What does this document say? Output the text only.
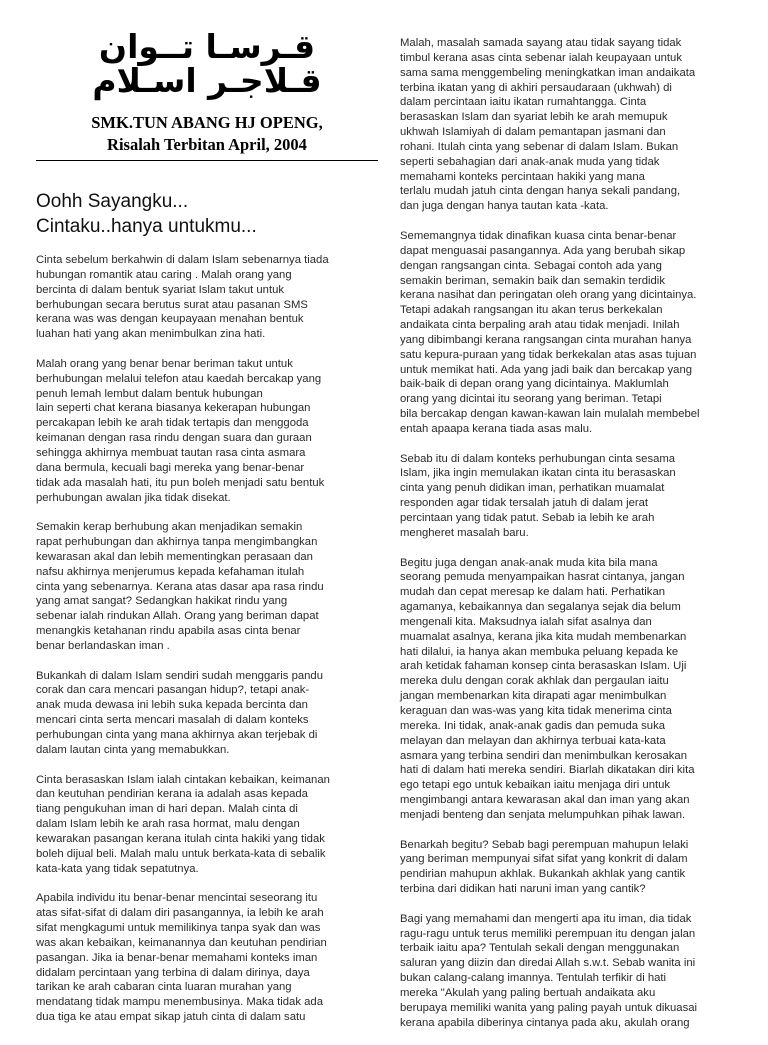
قـرسـا تــوان
قـلاجـر اسـلام
SMK.TUN ABANG HJ OPENG,
Risalah Terbitan April, 2004
Oohh Sayangku...
Cintaku..hanya untukmu...

Cinta sebelum berkahwin di dalam Islam sebenarnya tiada
hubungan romantik atau caring . Malah orang yang
bercinta di dalam bentuk syariat Islam takut untuk
berhubungan secara berutus surat atau pasanan SMS
kerana was was dengan keupayaan menahan bentuk
luahan hati yang akan menimbulkan zina hati.

Malah orang yang benar benar beriman takut untuk
berhubungan melalui telefon atau kaedah bercakap yang
penuh lemah lembut dalam bentuk hubungan
lain seperti chat kerana biasanya kekerapan hubungan
percakapan lebih ke arah tidak tertapis dan menggoda
keimanan dengan rasa rindu dengan suara dan guraan
sehingga akhirnya membuat tautan rasa cinta asmara
dana bermula, kecuali bagi mereka yang benar-benar
tidak ada masalah hati, itu pun boleh menjadi satu bentuk
perhubungan awalan jika tidak disekat.

Semakin kerap berhubung akan menjadikan semakin
rapat perhubungan dan akhirnya tanpa mengimbangkan
kewarasan akal dan lebih mementingkan perasaan dan
nafsu akhirnya menjerumus kepada kefahaman itulah
cinta yang sebenarnya. Kerana atas dasar apa rasa rindu
yang amat sangat? Sedangkan hakikat rindu yang
sebenar ialah rindukan Allah. Orang yang beriman dapat
menangkis ketahanan rindu apabila asas cinta benar
benar berlandaskan iman .

Bukankah di dalam Islam sendiri sudah menggaris pandu
corak dan cara mencari pasangan hidup?, tetapi anak-
anak muda dewasa ini lebih suka kepada bercinta dan
mencari cinta serta mencari masalah di dalam konteks
perhubungan cinta yang mana akhirnya akan terjebak di
dalam lautan cinta yang memabukkan.

Cinta berasaskan Islam ialah cintakan kebaikan, keimanan
dan keutuhan pendirian kerana ia adalah asas kepada
tiang pengukuhan iman di hari depan. Malah cinta di
dalam Islam lebih ke arah rasa hormat, malu dengan
kewarakan pasangan kerana itulah cinta hakiki yang tidak
boleh dijual beli. Malah malu untuk berkata-kata di sebalik
kata-kata yang tidak sepatutnya.

Apabila individu itu benar-benar mencintai seseorang itu
atas sifat-sifat di dalam diri pasangannya, ia lebih ke arah
sifat mengkagumi untuk memilikinya tanpa syak dan was
was akan kebaikan, keimanannya dan keutuhan pendirian
pasangan. Jika ia benar-benar memahami konteks iman
didalam percintaan yang terbina di dalam dirinya, daya
tarikan ke arah cabaran cinta luaran murahan yang
mendatang tidak mampu menembusinya. Maka tidak ada
dua tiga ke atau empat sikap jatuh cinta di dalam satu

Malah, masalah samada sayang atau tidak sayang tidak
timbul kerana asas cinta sebenar ialah keupayaan untuk
sama sama menggembeling meningkatkan iman andaikata
terbina ikatan yang di akhiri persaudaraan (ukhwah) di
dalam percintaan iaitu ikatan rumahtangga. Cinta
berasaskan Islam dan syariat lebih ke arah memupuk
ukhwah Islamiyah di dalam pemantapan jasmani dan
rohani. Itulah cinta yang sebenar di dalam Islam. Bukan
seperti sebahagian dari anak-anak muda yang tidak
memahami konteks percintaan hakiki yang mana
terlalu mudah jatuh cinta dengan hanya sekali pandang,
dan juga dengan hanya tautan kata -kata.

Sememangnya tidak dinafikan kuasa cinta benar-benar
dapat menguasai pasangannya. Ada yang berubah sikap
dengan rangsangan cinta. Sebagai contoh ada yang
semakin beriman, semakin baik dan semakin terdidik
kerana nasihat dan peringatan oleh orang yang dicintainya.
Tetapi adakah rangsangan itu akan terus berkekalan
andaikata cinta berpaling arah atau tidak menjadi. Inilah
yang dibimbangi kerana rangsangan cinta murahan hanya
satu kepura-puraan yang tidak berkekalan atas asas tujuan
untuk memikat hati. Ada yang jadi baik dan bercakap yang
baik-baik di depan orang yang dicintainya. Maklumlah
orang yang dicintai itu seorang yang beriman. Tetapi
bila bercakap dengan kawan-kawan lain mulalah membebel
entah apaapa kerana tiada asas malu.

Sebab itu di dalam konteks perhubungan cinta sesama
Islam, jika ingin memulakan ikatan cinta itu berasaskan
cinta yang penuh didikan iman, perhatikan muamalat
responden agar tidak tersalah jatuh di dalam jerat
percintaan yang tidak patut. Sebab ia lebih ke arah
mengheret masalah baru.

Begitu juga dengan anak-anak muda kita bila mana
seorang pemuda menyampaikan hasrat cintanya, jangan
mudah dan cepat meresap ke dalam hati. Perhatikan
agamanya, kebaikannya dan segalanya sejak dia belum
mengenali kita. Maksudnya ialah sifat asalnya dan
muamalat asalnya, kerana jika kita mudah membenarkan
hati dilalui, ia hanya akan membuka peluang kepada ke
arah ketidak fahaman konsep cinta berasaskan Islam. Uji
mereka dulu dengan corak akhlak dan pergaulan iaitu
jangan membenarkan kita dirapati agar menimbulkan
keraguan dan was-was yang kita tidak menerima cinta
mereka. Ini tidak, anak-anak gadis dan pemuda suka
melayan dan melayan dan akhirnya terbuai kata-kata
asmara yang terbina sendiri dan menimbulkan kerosakan
hati di dalam hati mereka sendiri. Biarlah dikatakan diri kita
ego tetapi ego untuk kebaikan iaitu menjaga diri untuk
mengimbangi antara kewarasan akal dan iman yang akan
menjadi benteng dan senjata melumpuhkan pihak lawan.

Benarkah begitu? Sebab bagi perempuan mahupun lelaki
yang beriman mempunyai sifat sifat yang konkrit di dalam
pendirian mahupun akhlak. Bukankah akhlak yang cantik
terbina dari didikan hati naruni iman yang cantik?

Bagi yang memahami dan mengerti apa itu iman, dia tidak
ragu-ragu untuk terus memiliki perempuan itu dengan jalan
terbaik iaitu apa? Tentulah sekali dengan menggunakan
saluran yang diizin dan diredai Allah s.w.t. Sebab wanita ini
bukan calang-calang imannya. Tentulah terfikir di hati
mereka "Akulah yang paling bertuah andaikata aku
berupaya memiliki wanita yang paling payah untuk dikuasai
kerana apabila diberinya cintanya pada aku, akulah orang
